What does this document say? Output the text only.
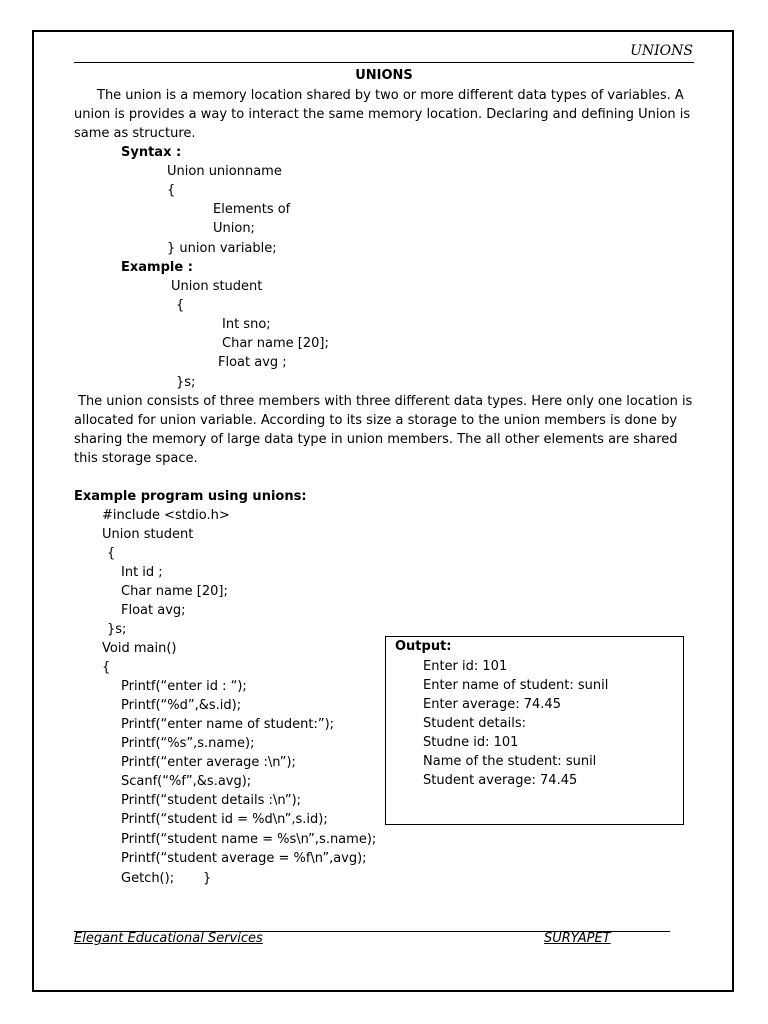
UNIONS
UNIONS
The union is a memory location shared by two or more different data types of variables. A union is provides a way to interact the same memory location. Declaring and defining Union is same as structure.
Syntax :
Union unionname
{
Elements of
Union;
} union variable;
Example :
Union student
{
Int sno;
Char name [20];
Float avg ;
}s;
The union consists of three members with three different data types. Here only one location is allocated for union variable. According to its size a storage to the union members is done by sharing the memory of large data type in union members. The all other elements are shared this storage space.
Example program using unions:
#include <stdio.h>
Union student
{
Int id ;
Char name [20];
Float avg;
}s;
Void main()
{
Printf(“enter id : “);
Printf(“%d”,&s.id);
Printf(“enter name of student:”);
Printf(“%s”,s.name);
Printf(“enter average :\n”);
Scanf(“%f”,&s.avg);
Printf(“student details :\n”);
Printf(“student id = %d\n”,s.id);
Printf(“student name = %s\n”,s.name);
Printf(“student average = %f\n”,avg);
Getch();       }
Output:
Enter id: 101
Enter name of student: sunil
Enter average: 74.45
Student details:
Studne id: 101
Name of the student: sunil
Student average: 74.45
Elegant Educational Services	SURYAPET
